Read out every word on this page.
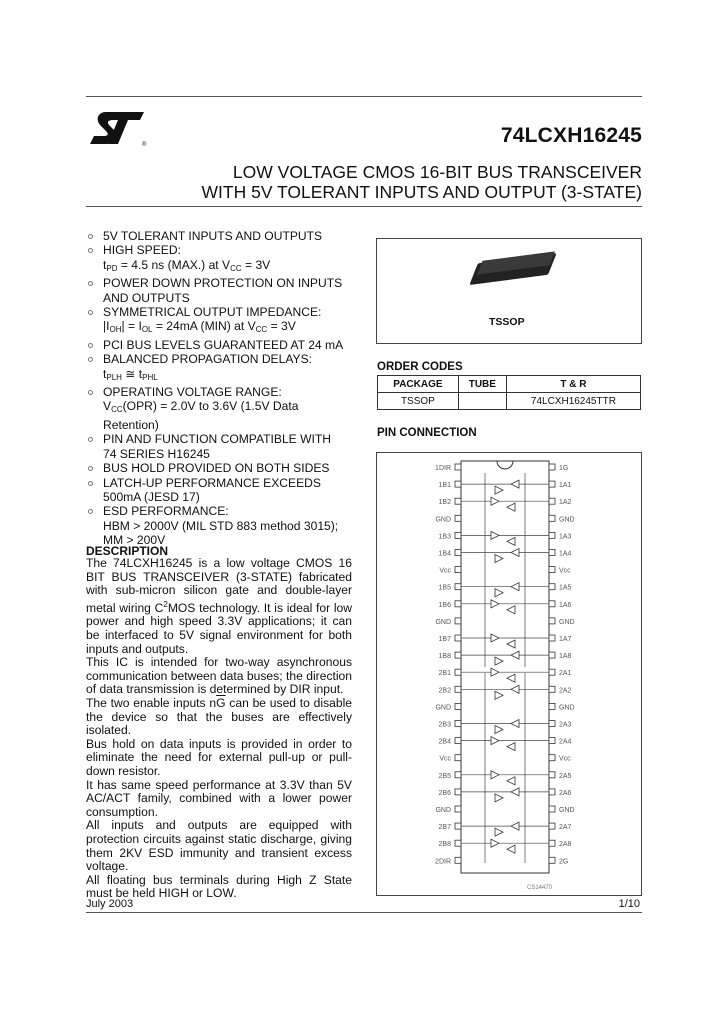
®	74LCXH16245
LOW VOLTAGE CMOS 16-BIT BUS TRANSCEIVER
WITH 5V TOLERANT INPUTS AND OUTPUT (3-STATE)
5V TOLERANT INPUTS AND OUTPUTS
HIGH SPEED:
tPD = 4.5 ns (MAX.) at VCC = 3V
POWER DOWN PROTECTION ON INPUTS
AND OUTPUTS
SYMMETRICAL OUTPUT IMPEDANCE:
|IOH| = IOL = 24mA (MIN) at VCC = 3V
PCI BUS LEVELS GUARANTEED AT 24 mA
BALANCED PROPAGATION DELAYS:
tPLH ≅ tPHL
OPERATING VOLTAGE RANGE:
VCC(OPR) = 2.0V to 3.6V (1.5V Data
Retention)
PIN AND FUNCTION COMPATIBLE WITH
74 SERIES H16245
BUS HOLD PROVIDED ON BOTH SIDES
LATCH-UP PERFORMANCE EXCEEDS
500mA (JESD 17)
ESD PERFORMANCE:
HBM > 2000V (MIL STD 883 method 3015);
MM > 200V
DESCRIPTION

The 74LCXH16245 is a low voltage CMOS 16 BIT BUS TRANSCEIVER (3-STATE) fabricated with sub-micron silicon gate and double-layer metal wiring $C^2MOS$ technology. It is ideal for low power and high speed 3.3V applications; it can be interfaced to 5V signal environment for both inputs and outputs.

This IC is intended for two-way asynchronous communication between data buses; the direction of data transmission is determined by DIR input.

The two enable inputs $n\overline{G}$ can be used to disable the device so that the buses are effectively isolated.

Bus hold on data inputs is provided in order to eliminate the need for external pull-up or pull-down resistor.

It has same speed performance at 3.3V than 5V AC/ACT family, combined with a lower power consumption.

All inputs and outputs are equipped with protection circuits against static discharge, giving them 2KV ESD immunity and transient excess voltage.

All floating bus terminals during High Z State must be held HIGH or LOW.

TSSOP
ORDER CODES
PACKAGE	TUBE	T & R
TSSOP		74LCXH16245TTR
PIN CONNECTION
1DIR	1G
1B1	1A1
1B2	1A2
GND	GND
1B3	1A3
1B4	1A4
Vcc	Vcc
1B5	1A5
1B6	1A6
GND	GND
1B7	1A7
1B8	1A8
2B1	2A1
2B2	2A2
GND	GND
2B3	2A3
2B4	2A4
Vcc	Vcc
2B5	2A5
2B6	2A6
GND	GND
2B7	2A7
2B8	2A8
2DIR	2G
CS14470
July 2003	1/10
